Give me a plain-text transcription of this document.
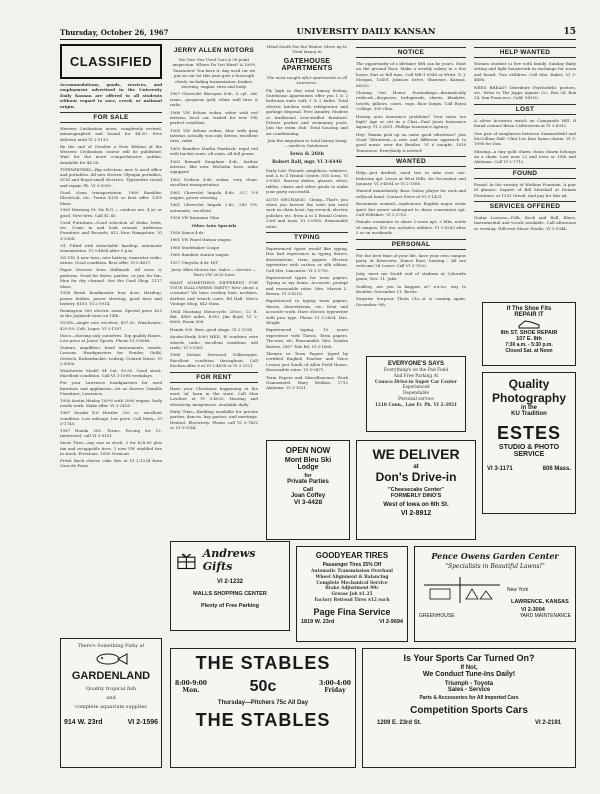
Thursday, October 26, 1967	UNIVERSITY DAILY KANSAN	15
CLASSIFIED
Accommodations, goods, services, and employment advertised in the University Daily Kansan are offered to all students without regard to race, creed, or national origin.
FOR SALE
Western Civilization notes, completely revised, mimeographed and bound for $4.50. Free delivery until VI 2-9113.
By the end of October a New Edition of the Western Civilization course will be published. Wait for the more comprehensive outline. Available for $4.50.
TYPEWRITERS—Big selection, new & used office and portables. All new electric Olympia portables, SCM and Royal small electrics. Typewriter rental and repair. Ph. VI 3-5995.
Good clean transportation. 1960 Rambler. Electrical, etc. Terms $150 or best offer. 1300 Mass.
1963 Mustang St. Sir R-Q — outdoor are. 4 yr. or good. New tires. Call $1.45.
Used Furniture—Good selection of desks, beds, etc. Come in and look around. Anderson Furniture and Records, 812 New Hampshire, VI 3-2004.
'61 T-Bird with detachable hardtop, automatic transmission. VI 3-4884 after 5 p.m.
'65 VW, 4 new tires, new battery, transistor radio, extras. Good condition. Best offer. VI 3-4617.
Paper Dresses from Hallmark. All sizes & patterns. Good for dates, parties, or just for fun. Men for dry cleaned. See the Card Shop, 1117 Mass.
1958 Buick Roadmaster four door, Hardtop, power brakes, power steering, good tires and battery. $150. VI 2-5914.
Remington 300 electric razor. Special price $25 at the Jayhawk store on 14th.
GUNS—single vote revolver; $37.50. Winchester; $29.50. Colt; Luger. VI 3-1187.
Disco—shoving only ourselves. Top quality Hanes. Low price at Jones' Sports. Phone VI 3-6066.
Guitars, amplifiers, band instruments, stands. Lessons. Headquarters for Fender, Guild, Gretsch, Rickenbacker, Ludwig. Central Music. VI 2-4006.
Winchester Model 94 Cal. 30-30. Good stock. Excellent condition. Call VI 3-1898 weekdays.
For your Lawrence headquarters for used furniture and appliances—let us drawer. Gamble Furniture, Lawrence.
1958 Austin Healey 100-6 with 2000 engine, body needs work. Make offer. VI 3-2416.
1967 Suzuki X-6 Hustler 250 cc, excellent condition. Low mileage, low price. Call Mary—VI 3-1745.
1967 Honda 305. Terms. Pricing for 12. Interested, call VI 3-9101.
Snow Tires—any size in stock. 2 for $28.60 plus tax and recappable tires. 1 new VW studded tire in stock. Firestone, 1000 Vermont.
Fresh Buck cheese cake this at VI 2-1234 from Casa de Pizza.
JERRY ALLEN MOTORS
We Give Our Used Cars A 30-point inspection. Where Do You Want? A 100% Guarantee! You have it. Any used car we put on our lot this year gets a thorough check, including transmission, brakes, steering, engine, tires and body.
1967 Chevrolet Biscayne 4-dr., 6 cyl., std. trans., gorgeous gold, white wall tires & radio
1966 VW deluxe sedan, white with red interior, local car, traded for new VW, perfect condition
1965 VW deluxe sedan, blue with gray interior, actually was only driven, excellent tires, radio
1963 Rambler Marlin Fastback, regal red with bucket seats, all seats, all full power
1963 Renault Dauphine 4-dr., leather interior, like new, Michelin tires, radio equipped
1963 Dodson 4-dr. sedan, very clean, excellent transportation
1962 Chevrolet Impala 4-dr., 327, V-8 engine, power steering
1961 Chevrolet Impala 2-dr., 283 V-8, automatic, excellent
1956 VW Karmann Ghia
Other Auto Specials
1958 Simca 4-dr
1961 VW Panel station wagon
1960 Studebaker Coupe
1960 Rambler station wagon
1957 Chrysler 4-dr. H/T
Jerry Allen Motors Inc. Sales — Service — Parts VW 2020 Iowa
WANT SOMETHING DIFFERENT FOR YOUR HALLOWEEN PARTY? How about a costume? We have cowboy hats, neckties, derbies and trench coats. Ed Hall, Men's Vintage Shop, 843 Mass.
1964 Mustang Motorcycle 250cc, 12 ft. flat. 4800 miles, $390. Jim Boyd, VI 2-6060, Room 308.
Honda 305. Best, good shape. VI 2-1334.
Austin-Healy 3000 MKII, 'B' roadster, wire wheels, radio, excellent condition, will trade. VI 3-3361.
1966 Deluxe Norwood Volkswagen. Excellent condition throughout. Call Kochan after 6 at VI 2-4638 or VI 2-2521.
FOR RENT
Have your Christmas happening at the most 'in' barn in the state. Call Max Lowther at VI 3-4020. Heating and electricity, inexpensive. Available daily.
Party Time—Building available for private parties, dances, hay parties, and meetings. Heated. Electricity. Please call VI 3-7452 or VI 3-3144.
Head South For the Winter. Move up to Total luxury in
GATEHOUSE APARTMENTS
The most sought after apartments in all Lawrence.
Fly high in that total luxury feeling. Gatehouse Apartments offer you 1 & 2 bedroom units with 1 & 2 baths. Total electric kitchen with refrigerator and garbage disposal. Free laundry. Modern or traditional over-stuffed furniture. Private parties and swimming pools. Join the swim club. Total housing and air conditioning.
Join the migration to total luxury living—south to Gatehouse.
Iowa & 26th
Robert Ball, mgr. VI 3-6446
Party List: Friends, neighbors, relatives, and A to Z Rental Center, 816 Iowa. VI 3-0585. Borrow dishes, glasses, silver, tables, chairs and other goods to make your party successful.
AUTO MECHANIC: Cheap—That's you when you borrow the tools you need such as chain hoist, lug wrench, electric polisher, etc. from A to Z Rental Center, 23rd and Iowa, VI 3-0585. Reasonable rates.
TYPING
Experienced typist would like typing. Has had experience in typing theses, dissertations, term papers. Electric typewriter with carbon or silk ribbon. Call Mrs. Lancaster. VI 2-1795.
Experienced typist for term papers. Typing at my home. Accurate, prompt and reasonable rates. Mrs. Marvin L. Brown, VI 3-8218.
Experienced in typing term papers, theses, dissertations, etc. Neat and accurate work. Have electric typewriter with pica type. Phone VI 3-2654, Mrs. Wright.
Experienced typing. 10 years experience with Thesis, Term papers, The-mes, etc. Reasonable. Mrs. Sondra Barlow, 2407 Tale Rd. VI 3-1668.
Themes or Term Papers typed by certified English Teacher and Voice Lesson just South of Allen Field House. Reasonable rates. VI 3-9471.
Term Papers and Miscellaneous. Work Guaranteed. Mary Weilkes, 1712 Alabama. VI 3-1021.
NOTICE
The opportunity of a lifetime! $$$ can be yours. Start on the ground floor. Make a weekly salary in a few hours. Part or full time. Call MR-1-0546 or Write: O. J. Morgan, 10401 Johnson Drive, Shawnee, Kansas. 66203.
Cloning Out Honor Furnishings—dramatically reduced—draperies, bedspreads, sheets, blankets, towels, pillows, cases, rugs, floor lamps. Call Royal College, 100 Ohio.
Having auto insurance problems? Your rates too high? Age or cut us a Chat—Paul Jones Insurance Agency. VI 2-2851. Phillips Insurance Agency.
Hey! Wanna pick up on some good vibrations? Join Good Vibrations—a new and different approach to good music over the Beatles. VI 6 tonight, 1618 Tennessee. Everybody is invited!
WANTED
Help—just drafted, need two to take over one-bedroom apt. Lease at West Hills, for December and January. VI 3-4084 or VI 2-1080.
Wanted immediately. Bass Guitar player for rock and roll/soul band. Contact Steve at VI 3-1429.
Roommate wanted—sophomore English major seeks quiet but aware undergrad to share convenient apt. Call Wiltshire. VI 2-2703.
Female roommate to share 2-room apt. 3 blks. north of campus. $55 mo. includes utilities. VI 2-8263 after 5 or on weekends.
PERSONAL
For the best time of your life, have your own campus party at Riverview. Dance floor, heating... All are welcome 'til Lower. Call VI 3-7620.
Jody, meet me South end of stadium at Colorado game, Nov. 11. Jake.
Godfrey, are you in baggies or? x-a-oo, way to Boulder, November 11. Bertie.
Surprise Surprise Theta Chi—it is coming again. December 9th.
HELP WANTED
Women student to live with family. Sunday Baby sitting and light housework in exchange for room and board. Two children. Call Mrs. Baker, VI 3-4886.
NEED BREAD? Distribute Psychedelic posters, etc. Write to The Joppe Aganec Co., Box 34, Box 24, San Francisco, Calif. 94100.
LOST
A silver Accutron watch on Campanile Hill. If found contact Brian Cederstrom at VI 3-6992.
One pair of sunglasses between Summerfield and McCollum Hall. Clint Lee Kiss hymn charm. VI 3-1996 for Don.
Missing—a tiny gold charm chain charm belongs on a chain. Lost near 22 and Iowa or 10th and Alabama. Call VI 2-7712.
FOUND
Found: In the vicinity of Watkins Fountain. A pair of glasses. Inquire of Bill Marshall at Dennis Furniture, at 1201 Oread. And pay for this ad.
SERVICES OFFERED
Guitar Lessons—Folk, Rock and Roll, Blues, Instrumental and vocals available. Call afternoon or evening. Hillcrest Music Studio, VI 3-1944.
There's Something Fishy at
GARDENLAND
Quality tropical fish
and
complete aquarium supplies
914 W. 23rd	VI 2-1596
Andrews Gifts
VI 2-1232
MALLS SHOPPING CENTER
Plenty of Free Parking
THE STABLES
8:00-9:00
Mon.	50c	3:00-4:00
Friday
Thursday—Pitchers 75c All Day
THE STABLES
OPEN NOW
Mont Bleu Ski
Lodge
for
Private Parties
Call
Joan Coffey
VI 3-4428
GOODYEAR TIRES
Passenger Tires 25% Off
Automatic Transmission Overhaul
Wheel Alignment & Balancing
Complete Mechanical Service
Brake Adjustment 99c
Grease Job $1.25
Factory Retread Tires $12 each
Page Fina Service
1819 W. 23rd	VI 2-9694
EVERYONE'S SAYS
Everything's on the Pad Field
And Free Parking At
Conoco Drive-in Super Car Center
Experienced
Dependable
Personal service
1218 Conn., Law Fr. Ph. VI 2-3921
WE DELIVER
at
Don's Drive-in
"Cheesecake Center"
FORMERLY DINO'S
West of Iowa on 6th St.
VI 2-8912
Pence Owens Garden Center
"Specialists in Beautiful Lawns!"
New York
LAWRENCE, KANSAS
VI 2-3004
GREENHOUSE	YARD MAINTENANCE
If The Shoe Fits
REPAIR IT
8th ST. SHOE REPAIR
107 E. 8th
7:30 a.m. - 5:30 p.m.
Closed Sat. at Noon
Quality
Photography
in the
KU Tradition
ESTES
STUDIO & PHOTO SERVICE
VI 3-1171	806 Mass.
Is Your Sports Car Turned On?
If Not,
We Conduct Tune-Ins Daily!
Triumph - Toyota
Sales - Service
Parts & Accessories for All Imported Cars
Competition Sports Cars
1209 E. 23rd St.	VI 2-2191
